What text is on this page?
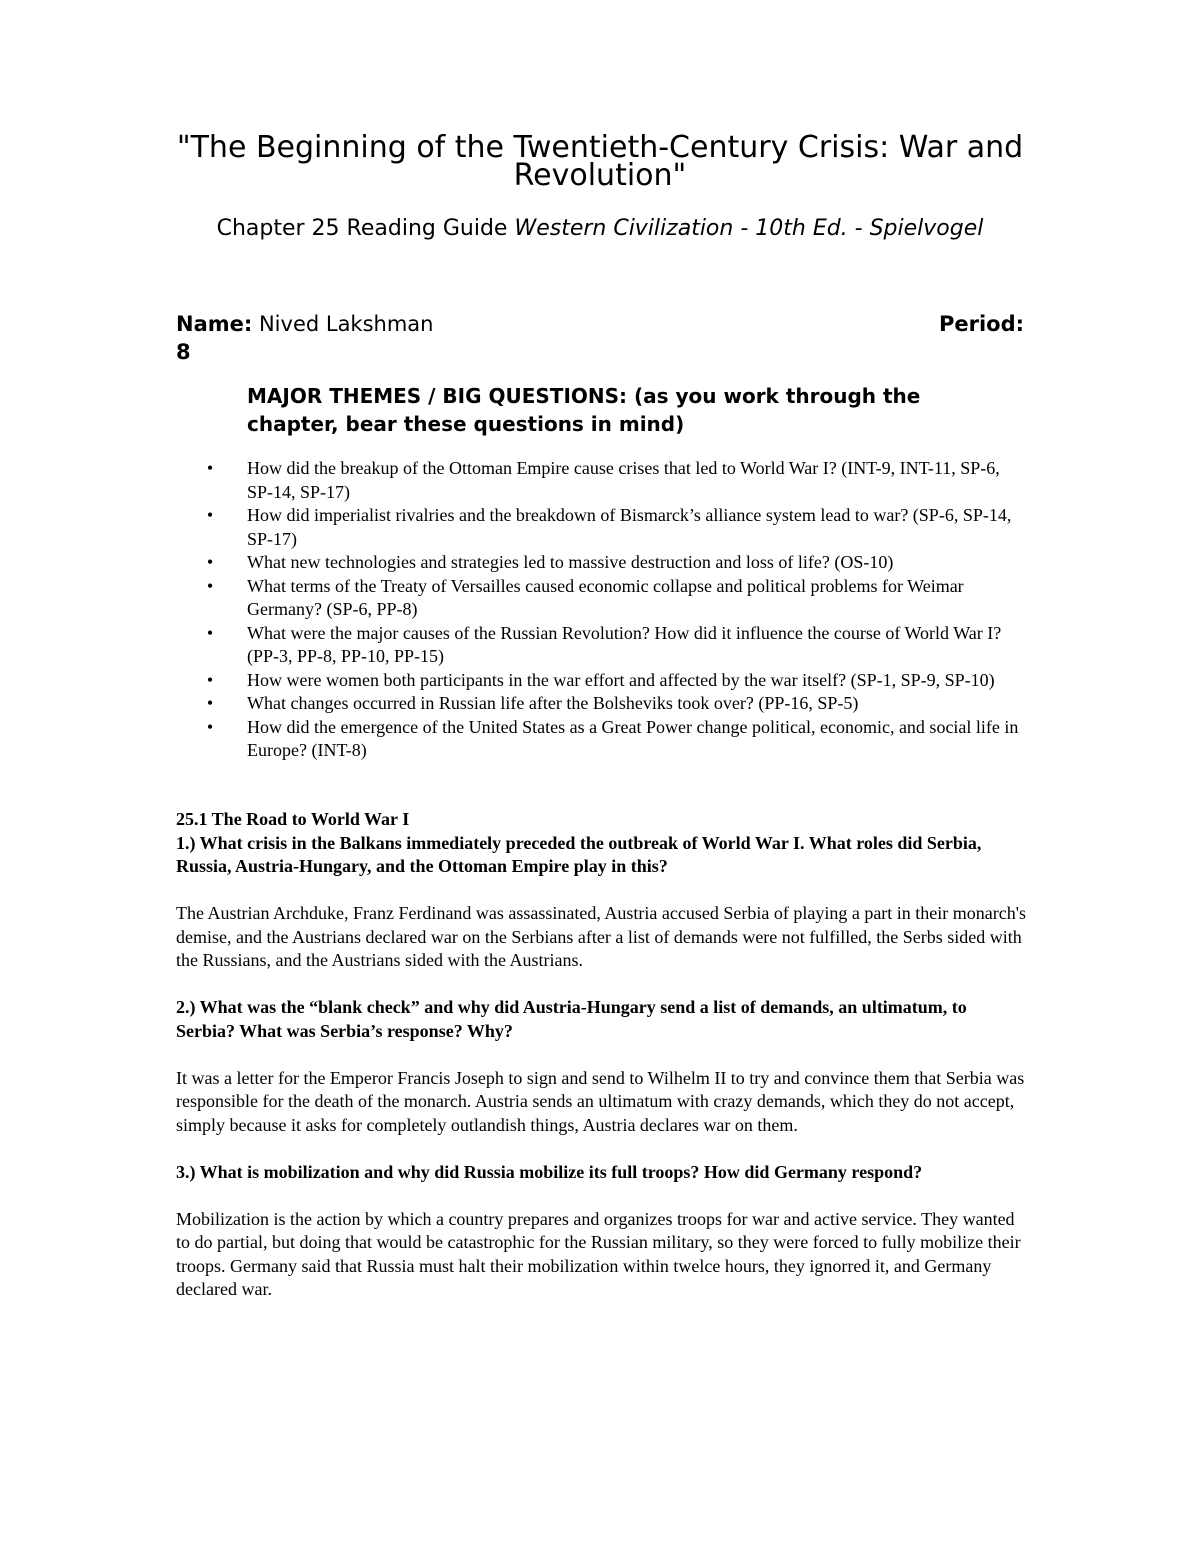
"The Beginning of the Twentieth-Century Crisis: War and Revolution"
Chapter 25 Reading Guide Western Civilization - 10th Ed. - Spielvogel
Name: Nived Lakshman	Period:
8
MAJOR THEMES / BIG QUESTIONS: (as you work through the chapter, bear these questions in mind)
•	How did the breakup of the Ottoman Empire cause crises that led to World War I? (INT-9, INT-11, SP-6, SP-14, SP-17)
•	How did imperialist rivalries and the breakdown of Bismarck’s alliance system lead to war? (SP-6, SP-14, SP-17)
•	What new technologies and strategies led to massive destruction and loss of life? (OS-10)
•	What terms of the Treaty of Versailles caused economic collapse and political problems for Weimar Germany? (SP-6, PP-8)
•	What were the major causes of the Russian Revolution? How did it influence the course of World War I? (PP-3, PP-8, PP-10, PP-15)
•	How were women both participants in the war effort and affected by the war itself? (SP-1, SP-9, SP-10)
•	What changes occurred in Russian life after the Bolsheviks took over? (PP-16, SP-5)
•	How did the emergence of the United States as a Great Power change political, economic, and social life in Europe? (INT-8)

25.1 The Road to World War I

1.) What crisis in the Balkans immediately preceded the outbreak of World War I. What roles did Serbia, Russia, Austria-Hungary, and the Ottoman Empire play in this?

The Austrian Archduke, Franz Ferdinand was assassinated, Austria accused Serbia of playing a part in their monarch's demise, and the Austrians declared war on the Serbians after a list of demands were not fulfilled, the Serbs sided with the Russians, and the Austrians sided with the Austrians.

2.) What was the “blank check” and why did Austria-Hungary send a list of demands, an ultimatum, to Serbia? What was Serbia’s response? Why?

It was a letter for the Emperor Francis Joseph to sign and send to Wilhelm II to try and convince them that Serbia was responsible for the death of the monarch. Austria sends an ultimatum with crazy demands, which they do not accept, simply because it asks for completely outlandish things, Austria declares war on them.

3.) What is mobilization and why did Russia mobilize its full troops? How did Germany respond?

Mobilization is the action by which a country prepares and organizes troops for war and active service. They wanted to do partial, but doing that would be catastrophic for the Russian military, so they were forced to fully mobilize their troops. Germany said that Russia must halt their mobilization within twelce hours, they ignorred it, and Germany declared war.
